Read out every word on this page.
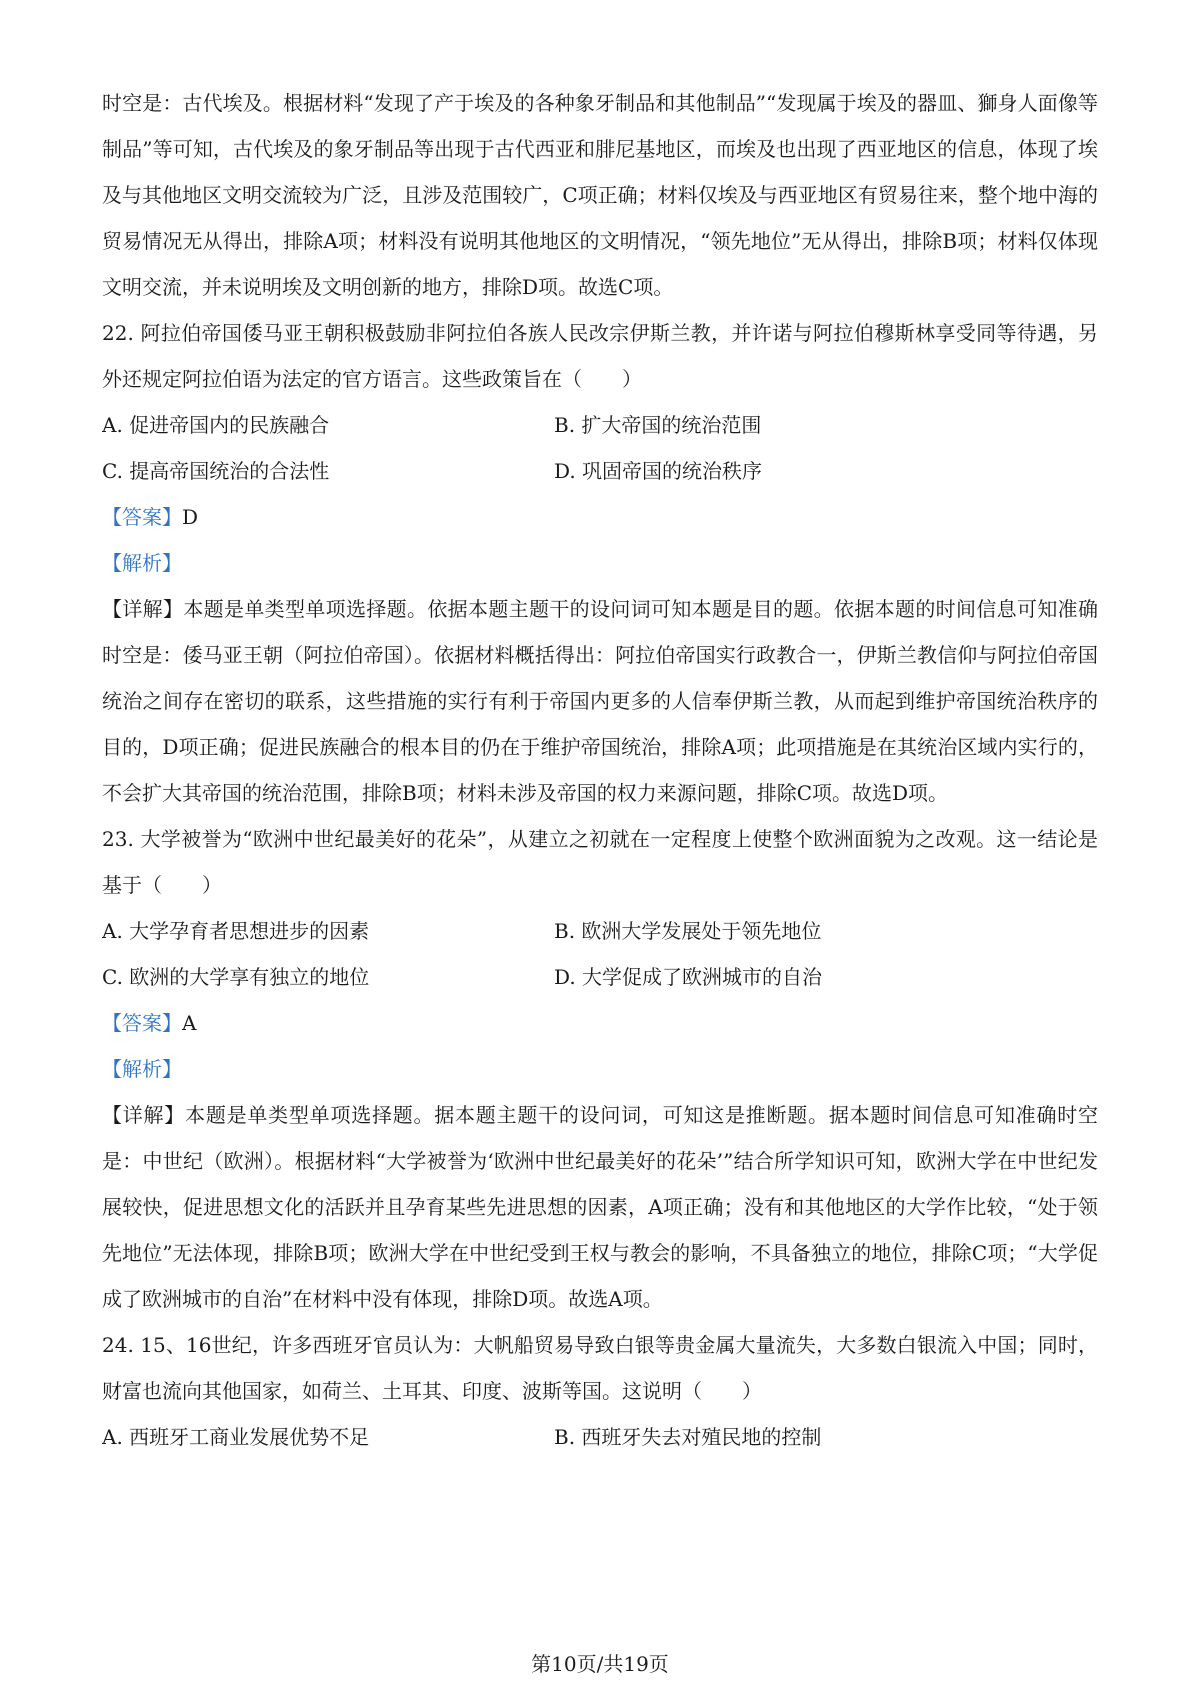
时空是：古代埃及。根据材料“发现了产于埃及的各种象牙制品和其他制品”“发现属于埃及的器皿、獅身人面像等制品”等可知，古代埃及的象牙制品等出现于古代西亚和腓尼基地区，而埃及也出现了西亚地区的信息，体现了埃及与其他地区文明交流较为广泛，且涉及范围较广，C项正确；材料仅埃及与西亚地区有贸易往来，整个地中海的贸易情况无从得出，排除A项；材料没有说明其他地区的文明情况，“领先地位”无从得出，排除B项；材料仅体现文明交流，并未说明埃及文明创新的地方，排除D项。故选C项。

22. 阿拉伯帝国倭马亚王朝积极鼓励非阿拉伯各族人民改宗伊斯兰教，并许诺与阿拉伯穆斯林享受同等待遇，另外还规定阿拉伯语为法定的官方语言。这些政策旨在（　　）

A. 促进帝国内的民族融合	B. 扩大帝国的统治范围
C. 提高帝国统治的合法性	D. 巩固帝国的统治秩序
【答案】D
【解析】

【详解】本题是单类型单项选择题。依据本题主题干的设问词可知本题是目的题。依据本题的时间信息可知准确时空是：倭马亚王朝（阿拉伯帝国）。依据材料概括得出：阿拉伯帝国实行政教合一，伊斯兰教信仰与阿拉伯帝国统治之间存在密切的联系，这些措施的实行有利于帝国内更多的人信奉伊斯兰教，从而起到维护帝国统治秩序的目的，D项正确；促进民族融合的根本目的仍在于维护帝国统治，排除A项；此项措施是在其统治区域内实行的，不会扩大其帝国的统治范围，排除B项；材料未涉及帝国的权力来源问题，排除C项。故选D项。

23. 大学被誉为“欧洲中世纪最美好的花朵”，从建立之初就在一定程度上使整个欧洲面貌为之改观。这一结论是基于（　　）

A. 大学孕育者思想进步的因素	B. 欧洲大学发展处于领先地位
C. 欧洲的大学享有独立的地位	D. 大学促成了欧洲城市的自治
【答案】A
【解析】

【详解】本题是单类型单项选择题。据本题主题干的设问词，可知这是推断题。据本题时间信息可知准确时空是：中世纪（欧洲）。根据材料“大学被誉为‘欧洲中世纪最美好的花朵’”结合所学知识可知，欧洲大学在中世纪发展较快，促进思想文化的活跃并且孕育某些先进思想的因素，A项正确；没有和其他地区的大学作比较，“处于领先地位”无法体现，排除B项；欧洲大学在中世纪受到王权与教会的影响，不具备独立的地位，排除C项；“大学促成了欧洲城市的自治”在材料中没有体现，排除D项。故选A项。

24. 15、16世纪，许多西班牙官员认为：大帆船贸易导致白银等贵金属大量流失，大多数白银流入中国；同时，财富也流向其他国家，如荷兰、土耳其、印度、波斯等国。这说明（　　）

A. 西班牙工商业发展优势不足	B. 西班牙失去对殖民地的控制
第10页/共19页
